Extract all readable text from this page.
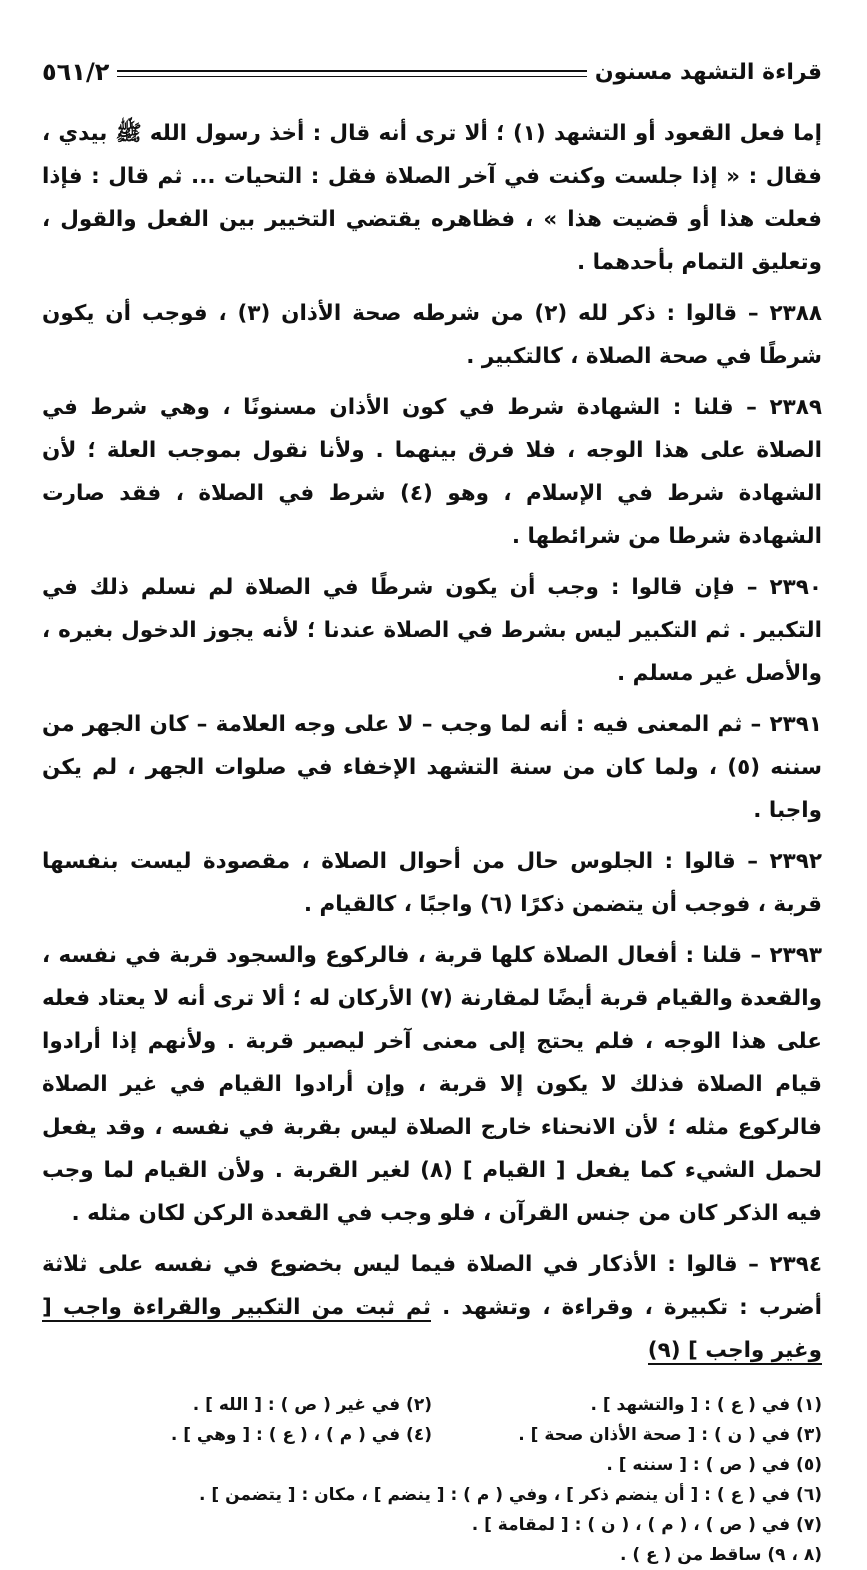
قراءة التشهد مسنون
٥٦١/٢

إما فعل القعود أو التشهد (١) ؛ ألا ترى أنه قال : أخذ رسول الله ﷺ بيدي ، فقال : « إذا جلست وكنت في آخر الصلاة فقل : التحيات ... ثم قال : فإذا فعلت هذا أو قضيت هذا » ، فظاهره يقتضي التخيير بين الفعل والقول ، وتعليق التمام بأحدهما .

٢٣٨٨ – قالوا : ذكر لله (٢) من شرطه صحة الأذان (٣) ، فوجب أن يكون شرطًا في صحة الصلاة ، كالتكبير .

٢٣٨٩ – قلنا : الشهادة شرط في كون الأذان مسنونًا ، وهي شرط في الصلاة على هذا الوجه ، فلا فرق بينهما . ولأنا نقول بموجب العلة ؛ لأن الشهادة شرط في الإسلام ، وهو (٤) شرط في الصلاة ، فقد صارت الشهادة شرطا من شرائطها .

٢٣٩٠ – فإن قالوا : وجب أن يكون شرطًا في الصلاة لم نسلم ذلك في التكبير . ثم التكبير ليس بشرط في الصلاة عندنا ؛ لأنه يجوز الدخول بغيره ، والأصل غير مسلم .

٢٣٩١ – ثم المعنى فيه : أنه لما وجب – لا على وجه العلامة – كان الجهر من سننه (٥) ، ولما كان من سنة التشهد الإخفاء في صلوات الجهر ، لم يكن واجبا .

٢٣٩٢ – قالوا : الجلوس حال من أحوال الصلاة ، مقصودة ليست بنفسها قربة ، فوجب أن يتضمن ذكرًا (٦) واجبًا ، كالقيام .

٢٣٩٣ – قلنا : أفعال الصلاة كلها قربة ، فالركوع والسجود قربة في نفسه ، والقعدة والقيام قربة أيضًا لمقارنة (٧) الأركان له ؛ ألا ترى أنه لا يعتاد فعله على هذا الوجه ، فلم يحتج إلى معنى آخر ليصير قربة . ولأنهم إذا أرادوا قيام الصلاة فذلك لا يكون إلا قربة ، وإن أرادوا القيام في غير الصلاة فالركوع مثله ؛ لأن الانحناء خارج الصلاة ليس بقربة في نفسه ، وقد يفعل لحمل الشيء كما يفعل [ القيام ] (٨) لغير القربة . ولأن القيام لما وجب فيه الذكر كان من جنس القرآن ، فلو وجب في القعدة الركن لكان مثله .

٢٣٩٤ – قالوا : الأذكار في الصلاة فيما ليس بخضوع في نفسه على ثلاثة أضرب : تكبيرة ، وقراءة ، وتشهد . ثم ثبت من التكبير والقراءة واجب [ وغير واجب ] (٩)

(١) في ( ع ) : [ والتشهد ] .
(٢) في غير ( ص ) : [ الله ] .
(٣) في ( ن ) : [ صحة الأذان صحة ] .
(٤) في ( م ) ، ( ع ) : [ وهي ] .
(٥) في ( ص ) : [ سننه ] .
(٦) في ( ع ) : [ أن ينضم ذكر ] ، وفي ( م ) : [ ينضم ] ، مكان : [ يتضمن ] .
(٧) في ( ص ) ، ( م ) ، ( ن ) : [ لمقامة ] .
(٨ ، ٩) ساقط من ( ع ) .
